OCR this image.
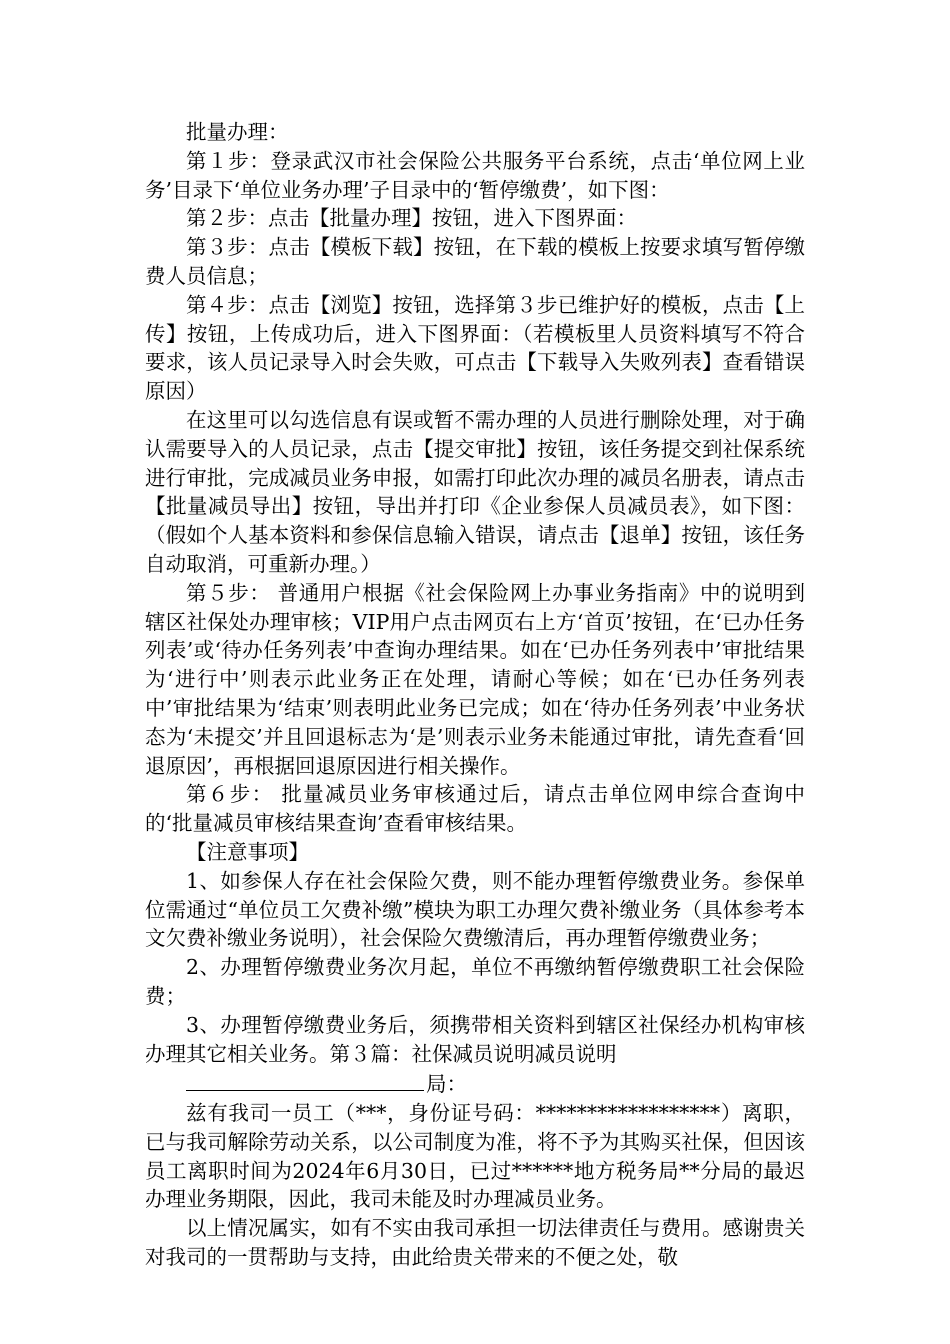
批量办理：

第１步：登录武汉市社会保险公共服务平台系统，点击‘单位网上业务’目录下‘单位业务办理’子目录中的‘暂停缴费’，如下图：

第２步：点击【批量办理】按钮，进入下图界面：

第３步：点击【模板下载】按钮，在下载的模板上按要求填写暂停缴费人员信息；

第４步：点击【浏览】按钮，选择第３步已维护好的模板，点击【上传】按钮，上传成功后，进入下图界面：（若模板里人员资料填写不符合要求，该人员记录导入时会失败，可点击【下载导入失败列表】查看错误原因）

在这里可以勾选信息有误或暂不需办理的人员进行删除处理，对于确认需要导入的人员记录，点击【提交审批】按钮，该任务提交到社保系统进行审批，完成减员业务申报，如需打印此次办理的减员名册表，请点击【批量减员导出】按钮，导出并打印《企业参保人员减员表》，如下图：（假如个人基本资料和参保信息输入错误，请点击【退单】按钮，该任务自动取消，可重新办理。）

第５步： 普通用户根据《社会保险网上办事业务指南》中的说明到辖区社保处办理审核；VIP用户点击网页右上方‘首页’按钮，在‘已办任务列表’或‘待办任务列表’中查询办理结果。如在‘已办任务列表中’审批结果为‘进行中’则表示此业务正在处理，请耐心等候；如在‘已办任务列表中’审批结果为‘结束’则表明此业务已完成；如在‘待办任务列表’中业务状态为‘未提交’并且回退标志为‘是’则表示业务未能通过审批，请先查看‘回退原因’，再根据回退原因进行相关操作。

第６步： 批量减员业务审核通过后，请点击单位网申综合查询中的‘批量减员审核结果查询’查看审核结果。

【注意事项】

1、如参保人存在社会保险欠费，则不能办理暂停缴费业务。参保单位需通过“单位员工欠费补缴”模块为职工办理欠费补缴业务（具体参考本文欠费补缴业务说明），社会保险欠费缴清后，再办理暂停缴费业务；

2、办理暂停缴费业务次月起，单位不再缴纳暂停缴费职工社会保险费；

3、办理暂停缴费业务后，须携带相关资料到辖区社保经办机构审核办理其它相关业务。第３篇：社保减员说明减员说明

局：

兹有我司一员工（***，身份证号码：******************）离职，已与我司解除劳动关系，以公司制度为准，将不予为其购买社保，但因该员工离职时间为2024年6月30日，已过******地方税务局**分局的最迟办理业务期限，因此，我司未能及时办理减员业务。

以上情况属实，如有不实由我司承担一切法律责任与费用。感谢贵关对我司的一贯帮助与支持，由此给贵关带来的不便之处，敬
